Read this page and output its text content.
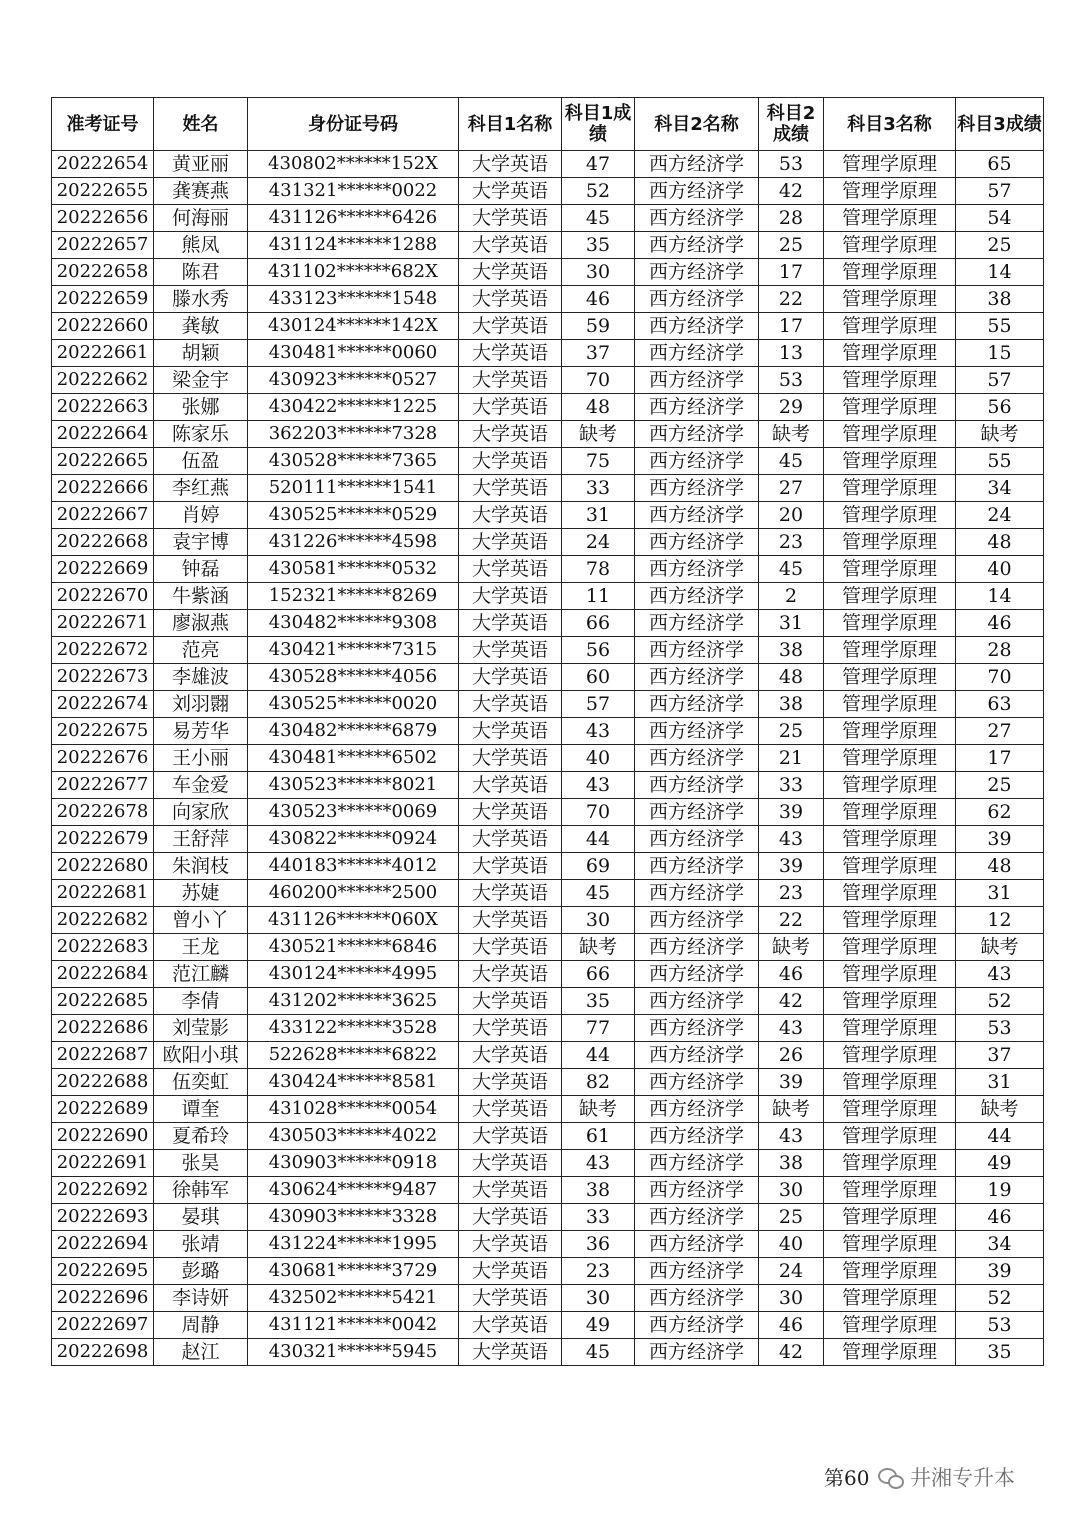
准考证号	姓名	身份证号码	科目1名称	科目1成绩	科目2名称	科目2成绩	科目3名称	科目3成绩
20222654	黄亚丽	430802******152X	大学英语	47	西方经济学	53	管理学原理	65
20222655	龚赛燕	431321******0022	大学英语	52	西方经济学	42	管理学原理	57
20222656	何海丽	431126******6426	大学英语	45	西方经济学	28	管理学原理	54
20222657	熊凤	431124******1288	大学英语	35	西方经济学	25	管理学原理	25
20222658	陈君	431102******682X	大学英语	30	西方经济学	17	管理学原理	14
20222659	滕水秀	433123******1548	大学英语	46	西方经济学	22	管理学原理	38
20222660	龚敏	430124******142X	大学英语	59	西方经济学	17	管理学原理	55
20222661	胡颖	430481******0060	大学英语	37	西方经济学	13	管理学原理	15
20222662	梁金宇	430923******0527	大学英语	70	西方经济学	53	管理学原理	57
20222663	张娜	430422******1225	大学英语	48	西方经济学	29	管理学原理	56
20222664	陈家乐	362203******7328	大学英语	缺考	西方经济学	缺考	管理学原理	缺考
20222665	伍盈	430528******7365	大学英语	75	西方经济学	45	管理学原理	55
20222666	李红燕	520111******1541	大学英语	33	西方经济学	27	管理学原理	34
20222667	肖婷	430525******0529	大学英语	31	西方经济学	20	管理学原理	24
20222668	袁宇博	431226******4598	大学英语	24	西方经济学	23	管理学原理	48
20222669	钟磊	430581******0532	大学英语	78	西方经济学	45	管理学原理	40
20222670	牛紫涵	152321******8269	大学英语	11	西方经济学	2	管理学原理	14
20222671	廖淑燕	430482******9308	大学英语	66	西方经济学	31	管理学原理	46
20222672	范亮	430421******7315	大学英语	56	西方经济学	38	管理学原理	28
20222673	李雄波	430528******4056	大学英语	60	西方经济学	48	管理学原理	70
20222674	刘羽翾	430525******0020	大学英语	57	西方经济学	38	管理学原理	63
20222675	易芳华	430482******6879	大学英语	43	西方经济学	25	管理学原理	27
20222676	王小丽	430481******6502	大学英语	40	西方经济学	21	管理学原理	17
20222677	车金爱	430523******8021	大学英语	43	西方经济学	33	管理学原理	25
20222678	向家欣	430523******0069	大学英语	70	西方经济学	39	管理学原理	62
20222679	王舒萍	430822******0924	大学英语	44	西方经济学	43	管理学原理	39
20222680	朱润枝	440183******4012	大学英语	69	西方经济学	39	管理学原理	48
20222681	苏婕	460200******2500	大学英语	45	西方经济学	23	管理学原理	31
20222682	曾小丫	431126******060X	大学英语	30	西方经济学	22	管理学原理	12
20222683	王龙	430521******6846	大学英语	缺考	西方经济学	缺考	管理学原理	缺考
20222684	范江麟	430124******4995	大学英语	66	西方经济学	46	管理学原理	43
20222685	李倩	431202******3625	大学英语	35	西方经济学	42	管理学原理	52
20222686	刘莹影	433122******3528	大学英语	77	西方经济学	43	管理学原理	53
20222687	欧阳小琪	522628******6822	大学英语	44	西方经济学	26	管理学原理	37
20222688	伍奕虹	430424******8581	大学英语	82	西方经济学	39	管理学原理	31
20222689	谭奎	431028******0054	大学英语	缺考	西方经济学	缺考	管理学原理	缺考
20222690	夏希玲	430503******4022	大学英语	61	西方经济学	43	管理学原理	44
20222691	张昊	430903******0918	大学英语	43	西方经济学	38	管理学原理	49
20222692	徐韩军	430624******9487	大学英语	38	西方经济学	30	管理学原理	19
20222693	晏琪	430903******3328	大学英语	33	西方经济学	25	管理学原理	46
20222694	张靖	431224******1995	大学英语	36	西方经济学	40	管理学原理	34
20222695	彭璐	430681******3729	大学英语	23	西方经济学	24	管理学原理	39
20222696	李诗妍	432502******5421	大学英语	30	西方经济学	30	管理学原理	52
20222697	周静	431121******0042	大学英语	49	西方经济学	46	管理学原理	53
20222698	赵江	430321******5945	大学英语	45	西方经济学	42	管理学原理	35
第60 井湘专升本
